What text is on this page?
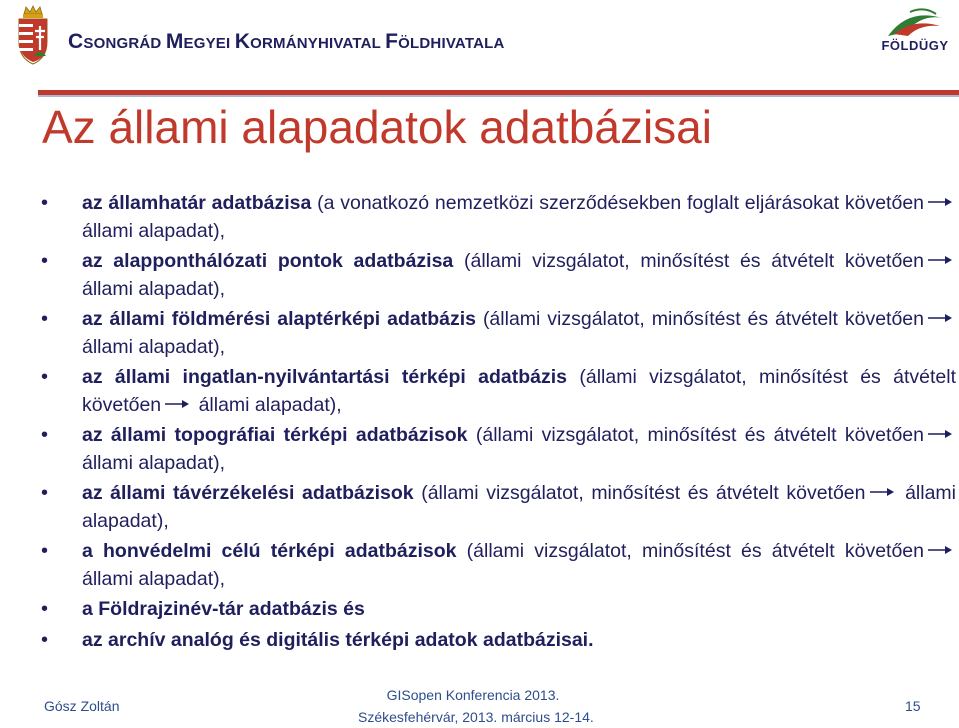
CSONGRÁD MEGYEI KORMÁNYHIVATAL FÖLDHIVATALA	FÖLDÜGY
Az állami alapadatok adatbázisai
• az államhatár adatbázisa (a vonatkozó nemzetközi szerződésekben foglalt eljárásokat követően állami alapadat),
• az alapponthálózati pontok adatbázisa (állami vizsgálatot, minősítést és átvételt követően állami alapadat),
• az állami földmérési alaptérképi adatbázis (állami vizsgálatot, minősítést és átvételt követően állami alapadat),
• az állami ingatlan-nyilvántartási térképi adatbázis (állami vizsgálatot, minősítést és átvételt követően állami alapadat),
• az állami topográfiai térképi adatbázisok (állami vizsgálatot, minősítést és átvételt követően állami alapadat),
• az állami távérzékelési adatbázisok (állami vizsgálatot, minősítést és átvételt követően állami alapadat),
• a honvédelmi célú térképi adatbázisok (állami vizsgálatot, minősítést és átvételt követően állami alapadat),
• a Földrajzinév-tár adatbázis és
• az archív analóg és digitális térképi adatok adatbázisai.
Gósz Zoltán
GISopen Konferencia 2013.
Székesfehérvár, 2013. március 12-14.
15
